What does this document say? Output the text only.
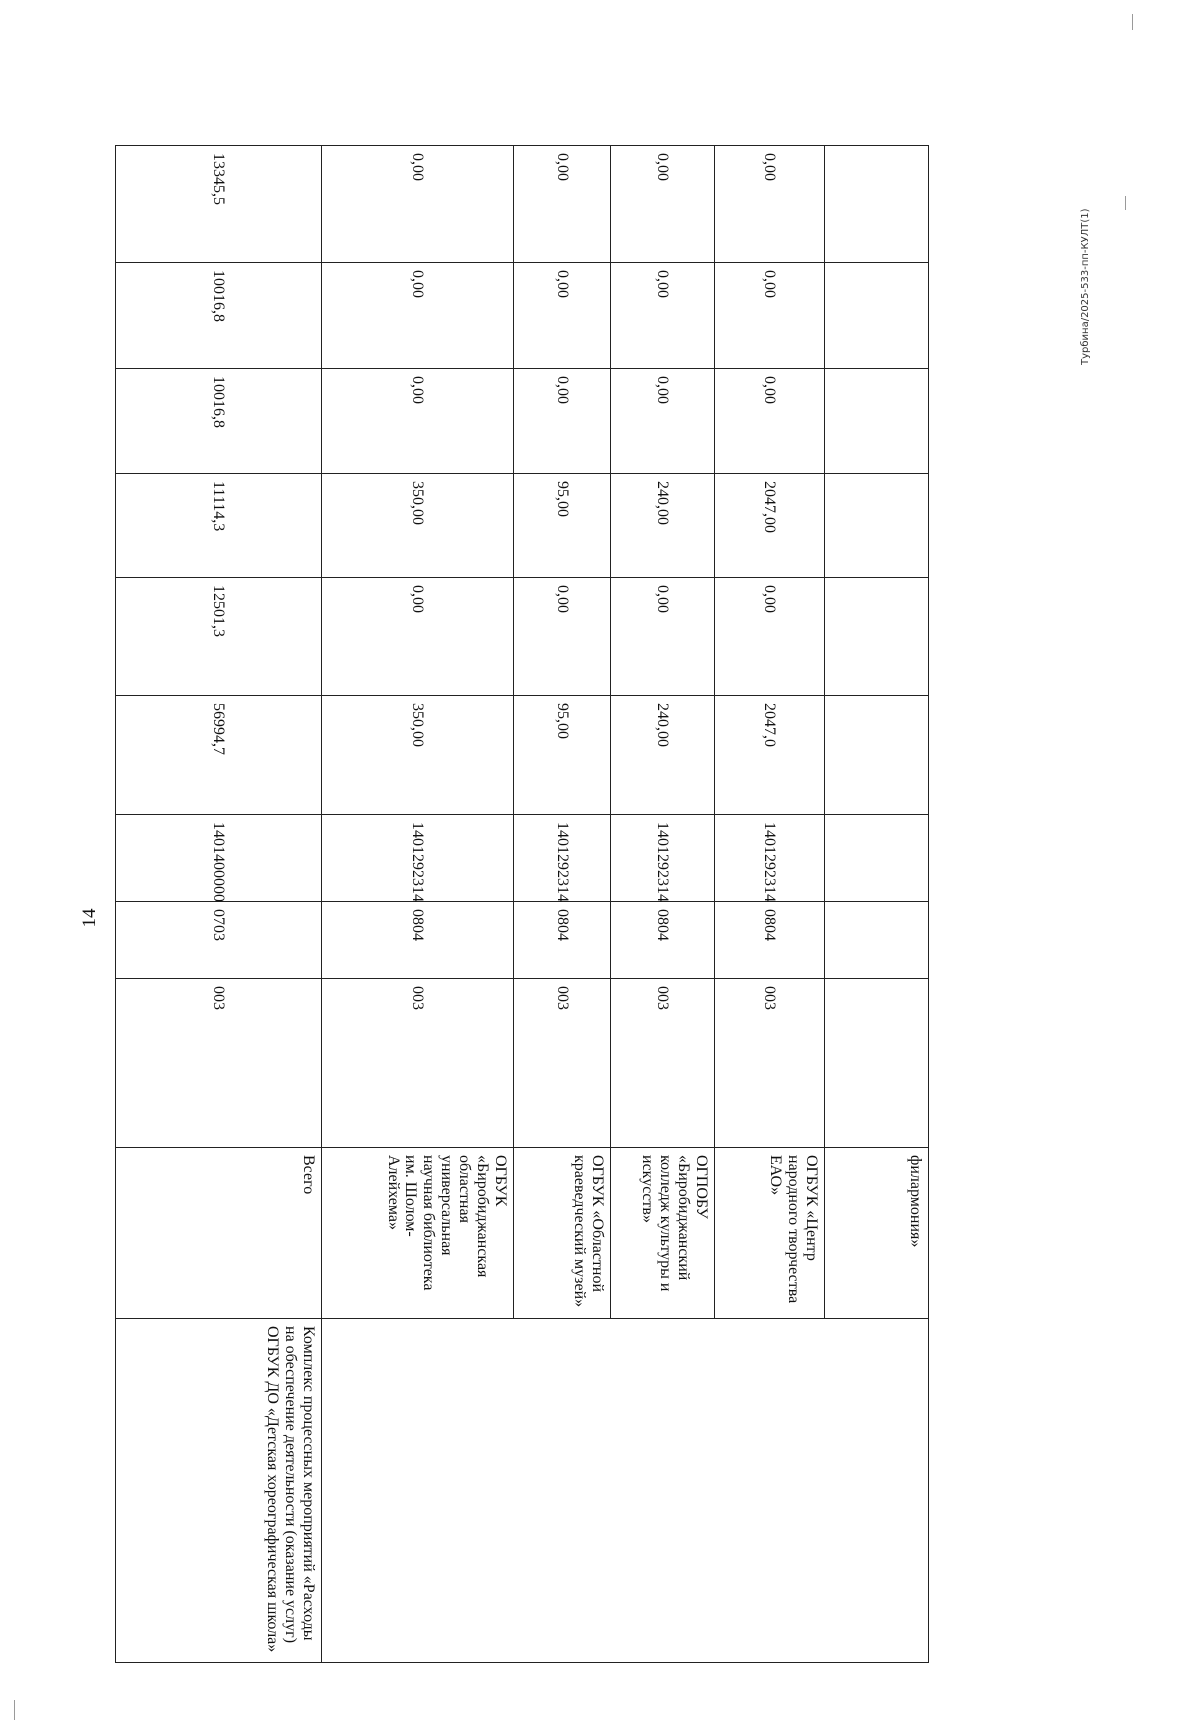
14
									филармония»	
0,00	0,00	0,00	2047,00	0,00	2047,0	1401292314	0804	003	ОГБУК «Центр народного творчества ЕАО»	
0,00	0,00	0,00	240,00	0,00	240,00	1401292314	0804	003	ОГПОБУ «Биробиджанский колледж культуры и искусств»	
0,00	0,00	0,00	95,00	0,00	95,00	1401292314	0804	003	ОГБУК «Областной краеведческий музей»	
0,00	0,00	0,00	350,00	0,00	350,00	1401292314	0804	003	ОГБУК «Биробиджанская областная универсальная научная библиотека им. Шолом-Алейхема»	
13345,5	10016,8	10016,8	11114,3	12501,3	56994,7	1401400000	0703	003	Всего	Комплекс процессных мероприятий «Расходы на обеспечение деятельности (оказание услуг) ОГБУК ДО «Детская хореографическая школа»
Турбина/2025-533-пп-КУЛТ(1)
